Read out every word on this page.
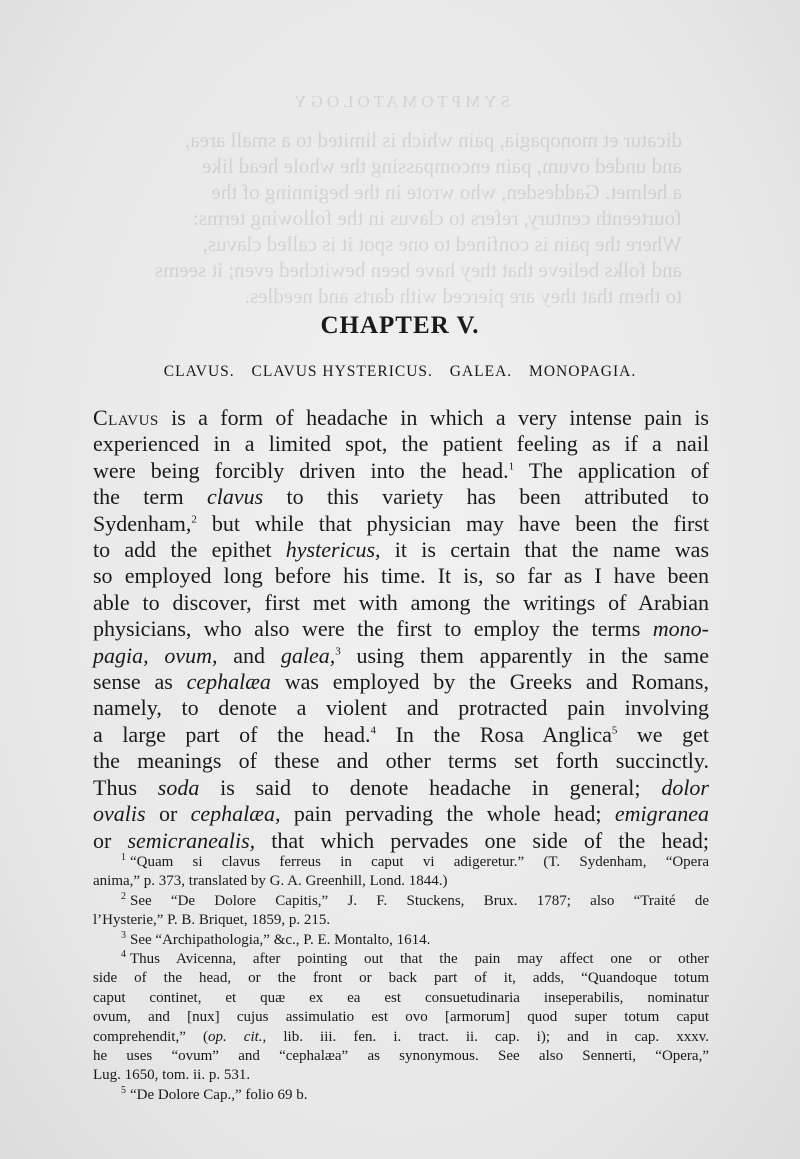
SYMPTOMATOLOGY
dicatur et monopagia, pain which is limited to a small area,
and unded ovum, pain encompassing the whole head like
a helmet. Gaddesden, who wrote in the beginning of the
fourteenth century, refers to clavus in the following terms:
Where the pain is confined to one spot it is called clavus,
and folks believe that they have been bewitched even; it seems
to them that they are pierced with darts and needles.
CHAPTER V.
CLAVUS. CLAVUS HYSTERICUS. GALEA. MONOPAGIA.
Clavus is a form of headache in which a very intense pain is
experienced in a limited spot, the patient feeling as if a nail
were being forcibly driven into the head.$^1$ The application of
the term clavus to this variety has been attributed to
Sydenham,$^2$ but while that physician may have been the first
to add the epithet hystericus, it is certain that the name was
so employed long before his time. It is, so far as I have been
able to discover, first met with among the writings of Arabian
physicians, who also were the first to employ the terms mono-
pagia, ovum, and galea,$^3$ using them apparently in the same
sense as cephalæa was employed by the Greeks and Romans,
namely, to denote a violent and protracted pain involving
a large part of the head.$^4$ In the Rosa Anglica$^5$ we get
the meanings of these and other terms set forth succinctly.
Thus soda is said to denote headache in general; dolor
ovalis or cephalæa, pain pervading the whole head; emigranea
or semicranealis, that which pervades one side of the head;
$^1$ “Quam si clavus ferreus in caput vi adigeretur.” (T. Sydenham, “Opera
anima,” p. 373, translated by G. A. Greenhill, Lond. 1844.)
$^2$ See “De Dolore Capitis,” J. F. Stuckens, Brux. 1787; also “Traité de
l’Hysterie,” P. B. Briquet, 1859, p. 215.
$^3$ See “Archipathologia,” &c., P. E. Montalto, 1614.
$^4$ Thus Avicenna, after pointing out that the pain may affect one or other
side of the head, or the front or back part of it, adds, “Quandoque totum
caput continet, et quæ ex ea est consuetudinaria inseperabilis, nominatur
ovum, and [nux] cujus assimulatio est ovo [armorum] quod super totum caput
comprehendit,” (op. cit., lib. iii. fen. i. tract. ii. cap. i); and in cap. xxxv.
he uses “ovum” and “cephalæa” as synonymous. See also Sennerti, “Opera,”
Lug. 1650, tom. ii. p. 531.
$^5$ “De Dolore Cap.,” folio 69 b.
